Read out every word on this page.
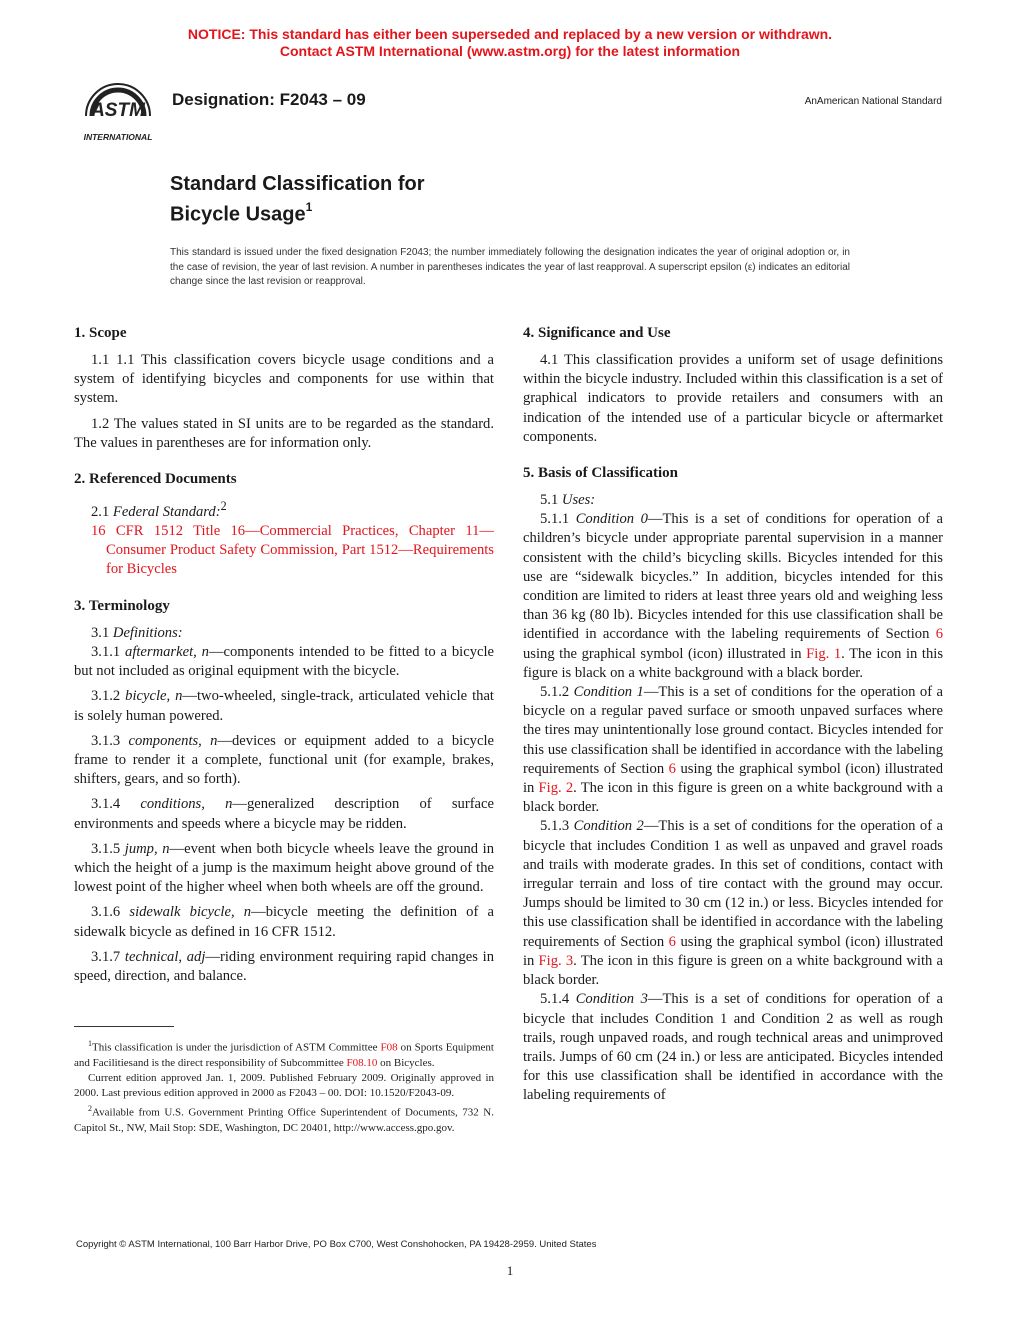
NOTICE: This standard has either been superseded and replaced by a new version or withdrawn.
Contact ASTM International (www.astm.org) for the latest information
ASTM
INTERNATIONAL
Designation: F2043 – 09	AnAmerican National Standard
Standard Classification for
Bicycle Usage$^1$
This standard is issued under the fixed designation F2043; the number immediately following the designation indicates the year of original adoption or, in the case of revision, the year of last revision. A number in parentheses indicates the year of last reapproval. A superscript epsilon (ε) indicates an editorial change since the last revision or reapproval.
1. Scope

1.1 1.1 This classification covers bicycle usage conditions and a system of identifying bicycles and components for use within that system.

1.2 The values stated in SI units are to be regarded as the standard. The values in parentheses are for information only.

2. Referenced Documents

2.1 Federal Standard:$^2$

16 CFR 1512 Title 16—Commercial Practices, Chapter 11—Consumer Product Safety Commission, Part 1512—Requirements for Bicycles

3. Terminology

3.1 Definitions:

3.1.1 aftermarket, n—components intended to be fitted to a bicycle but not included as original equipment with the bicycle.

3.1.2 bicycle, n—two-wheeled, single-track, articulated vehicle that is solely human powered.

3.1.3 components, n—devices or equipment added to a bicycle frame to render it a complete, functional unit (for example, brakes, shifters, gears, and so forth).

3.1.4 conditions, n—generalized description of surface environments and speeds where a bicycle may be ridden.

3.1.5 jump, n—event when both bicycle wheels leave the ground in which the height of a jump is the maximum height above ground of the lowest point of the higher wheel when both wheels are off the ground.

3.1.6 sidewalk bicycle, n—bicycle meeting the definition of a sidewalk bicycle as defined in 16 CFR 1512.

3.1.7 technical, adj—riding environment requiring rapid changes in speed, direction, and balance.

4. Significance and Use

4.1 This classification provides a uniform set of usage definitions within the bicycle industry. Included within this classification is a set of graphical indicators to provide retailers and consumers with an indication of the intended use of a particular bicycle or aftermarket components.

5. Basis of Classification

5.1 Uses:

5.1.1 Condition 0—This is a set of conditions for operation of a children’s bicycle under appropriate parental supervision in a manner consistent with the child’s bicycling skills. Bicycles intended for this use are “sidewalk bicycles.” In addition, bicycles intended for this condition are limited to riders at least three years old and weighing less than 36 kg (80 lb). Bicycles intended for this use classification shall be identified in accordance with the labeling requirements of Section 6 using the graphical symbol (icon) illustrated in Fig. 1. The icon in this figure is black on a white background with a black border.

5.1.2 Condition 1—This is a set of conditions for the operation of a bicycle on a regular paved surface or smooth unpaved surfaces where the tires may unintentionally lose ground contact. Bicycles intended for this use classification shall be identified in accordance with the labeling requirements of Section 6 using the graphical symbol (icon) illustrated in Fig. 2. The icon in this figure is green on a white background with a black border.

5.1.3 Condition 2—This is a set of conditions for the operation of a bicycle that includes Condition 1 as well as unpaved and gravel roads and trails with moderate grades. In this set of conditions, contact with irregular terrain and loss of tire contact with the ground may occur. Jumps should be limited to 30 cm (12 in.) or less. Bicycles intended for this use classification shall be identified in accordance with the labeling requirements of Section 6 using the graphical symbol (icon) illustrated in Fig. 3. The icon in this figure is green on a white background with a black border.

5.1.4 Condition 3—This is a set of conditions for operation of a bicycle that includes Condition 1 and Condition 2 as well as rough trails, rough unpaved roads, and rough technical areas and unimproved trails. Jumps of 60 cm (24 in.) or less are anticipated. Bicycles intended for this use classification shall be identified in accordance with the labeling requirements of

$^1$This classification is under the jurisdiction of ASTM Committee F08 on Sports Equipment and Facilitiesand is the direct responsibility of Subcommittee F08.10 on Bicycles.

Current edition approved Jan. 1, 2009. Published February 2009. Originally approved in 2000. Last previous edition approved in 2000 as F2043 – 00. DOI: 10.1520/F2043-09.

$^2$Available from U.S. Government Printing Office Superintendent of Documents, 732 N. Capitol St., NW, Mail Stop: SDE, Washington, DC 20401, http://www.access.gpo.gov.

Copyright © ASTM International, 100 Barr Harbor Drive, PO Box C700, West Conshohocken, PA 19428-2959. United States
1
